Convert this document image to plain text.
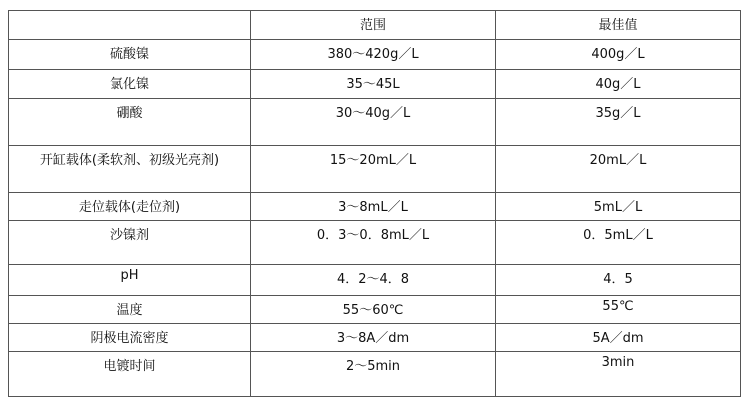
	范围	最佳值
硫酸镍	380～420g／L	400g／L
氯化镍	35～45L	40g／L
硼酸	30～40g／L	35g／L
开缸载体(柔软剂、初级光亮剂)	15～20mL／L	20mL／L
走位载体(走位剂)	3～8mL／L	5mL／L
沙镍剂	0．3～0．8mL／L	0．5mL／L
pH	4．2～4．8	4．5
温度	55～60℃	55℃
阴极电流密度	3～8A／dm	5A／dm
电镀时间	2～5min	3min
